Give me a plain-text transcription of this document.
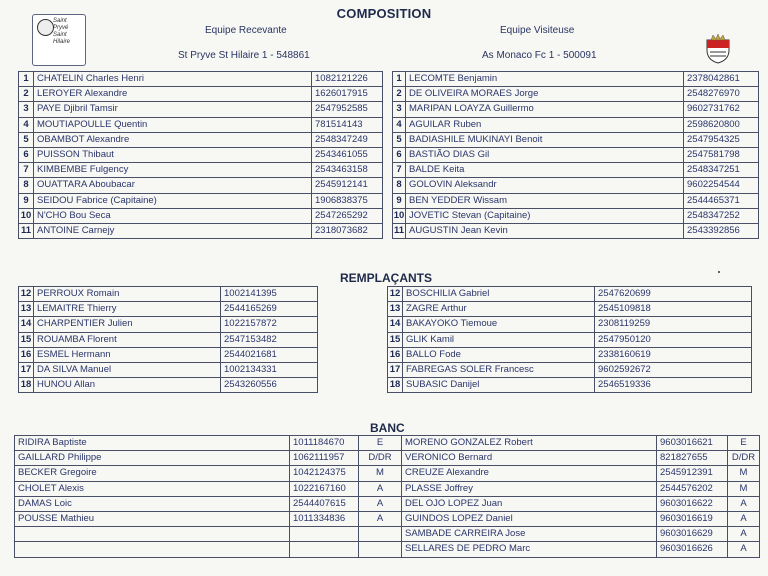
COMPOSITION
Saint
Pryvé
Saint
Hilaire
Equipe Recevante
St Pryve St Hilaire 1 - 548861
Equipe Visiteuse
As Monaco Fc 1 - 500091
1	CHATELIN Charles Henri	1082121226		1	LECOMTE Benjamin	2378042861
2	LEROYER Alexandre	1626017915		2	DE OLIVEIRA MORAES Jorge	2548276970
3	PAYE Djibril Tamsir	2547952585		3	MARIPAN LOAYZA Guillermo	9602731762
4	MOUTIAPOULLE Quentin	781514143		4	AGUILAR Ruben	2598620800
5	OBAMBOT Alexandre	2548347249		5	BADIASHILE MUKINAYI Benoit	2547954325
6	PUISSON Thibaut	2543461055		6	BASTIÃO DIAS Gil	2547581798
7	KIMBEMBE Fulgency	2543463158		7	BALDE Keita	2548347251
8	OUATTARA Aboubacar	2545912141		8	GOLOVIN Aleksandr	9602254544
9	SEIDOU Fabrice (Capitaine)	1906838375		9	BEN YEDDER Wissam	2544465371
10	N'CHO Bou Seca	2547265292		10	JOVETIC Stevan (Capitaine)	2548347252
11	ANTOINE Carnejy	2318073682		11	AUGUSTIN Jean Kevin	2543392856
REMPLAÇANTS
12	PERROUX Romain	1002141395		12	BOSCHILIA Gabriel	2547620699
13	LEMAITRE Thierry	2544165269		13	ZAGRE Arthur	2545109818
14	CHARPENTIER Julien	1022157872		14	BAKAYOKO Tiemoue	2308119259
15	ROUAMBA Florent	2547153482		15	GLIK Kamil	2547950120
16	ESMEL Hermann	2544021681		16	BALLO Fode	2338160619
17	DA SILVA Manuel	1002134331		17	FABREGAS SOLER Francesc	9602592672
18	HUNOU Allan	2543260556		18	SUBASIC Danijel	2546519336
BANC
RIDIRA Baptiste	1011184670	E	MORENO GONZALEZ Robert	9603016621	E
GAILLARD Philippe	1062111957	D/DR	VERONICO Bernard	821827655	D/DR
BECKER Gregoire	1042124375	M	CREUZE Alexandre	2545912391	M
CHOLET Alexis	1022167160	A	PLASSE Joffrey	2544576202	M
DAMAS Loic	2544407615	A	DEL OJO LOPEZ Juan	9603016622	A
POUSSE Mathieu	1011334836	A	GUINDOS LOPEZ Daniel	9603016619	A
			SAMBADE CARREIRA Jose	9603016629	A
			SELLARES DE PEDRO Marc	9603016626	A
